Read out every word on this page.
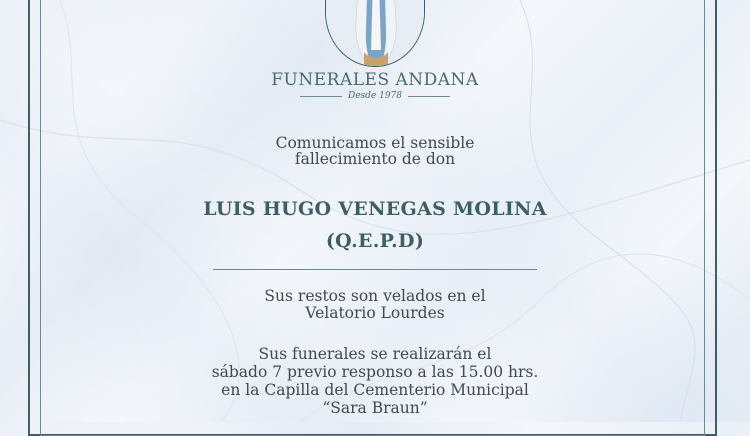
FUNERALES ANDANA
Desde 1978
Comunicamos el sensible
fallecimiento de don
LUIS HUGO VENEGAS MOLINA
(Q.E.P.D)
Sus restos son velados en el
Velatorio Lourdes
Sus funerales se realizarán el
sábado 7 previo responso a las 15.00 hrs.
en la Capilla del Cementerio Municipal
“Sara Braun”
